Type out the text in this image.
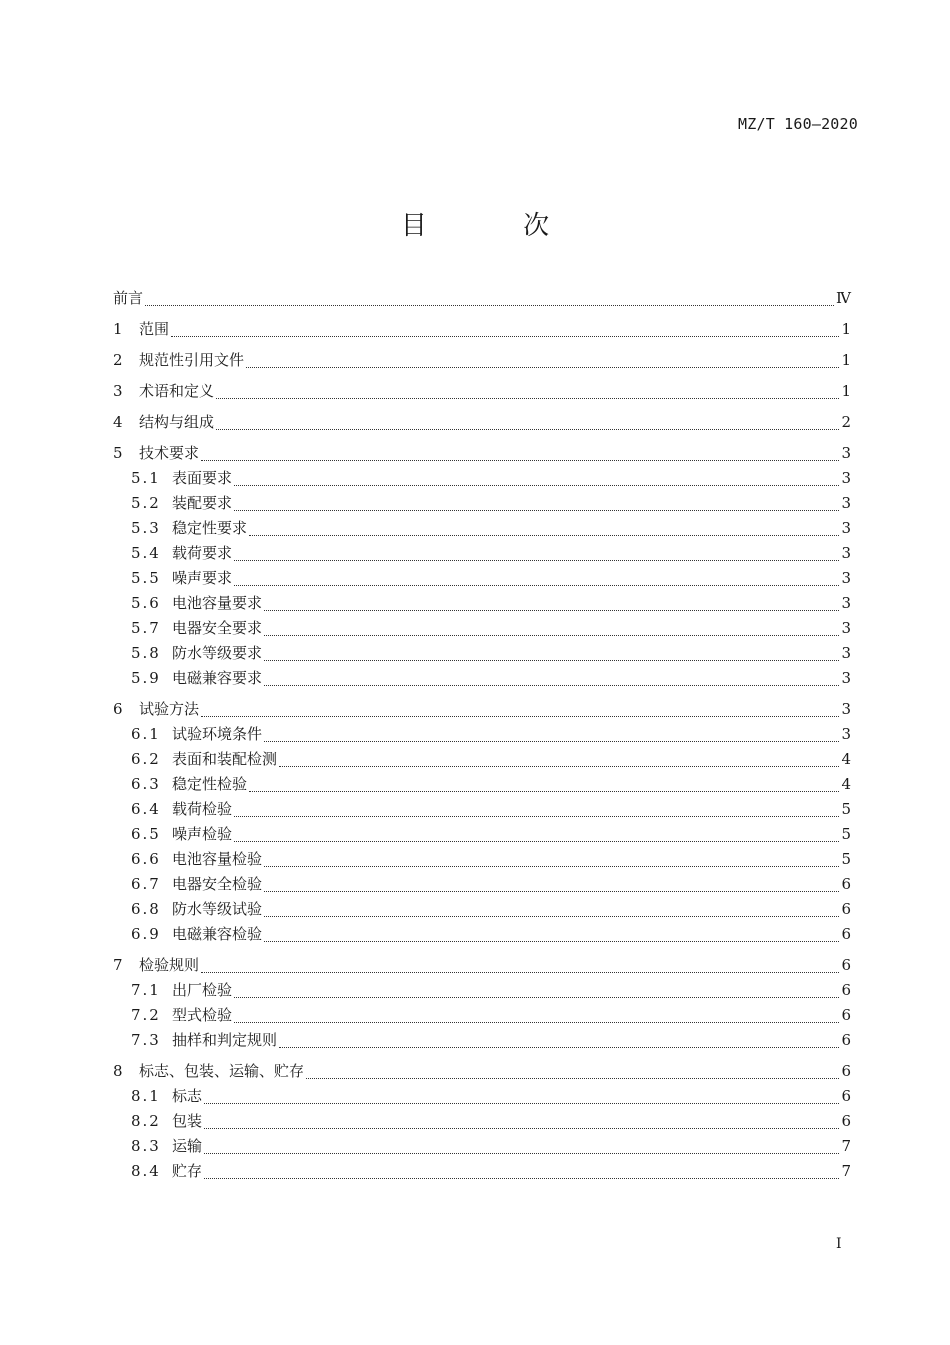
MZ/T 160—2020
目 次
前言	Ⅳ
1	范围	1
2	规范性引用文件	1
3	术语和定义	1
4	结构与组成	2
5	技术要求	3
5.1 表面要求	3
5.2 装配要求	3
5.3 稳定性要求	3
5.4 载荷要求	3
5.5 噪声要求	3
5.6 电池容量要求	3
5.7 电器安全要求	3
5.8 防水等级要求	3
5.9 电磁兼容要求	3
6	试验方法	3
6.1 试验环境条件	3
6.2 表面和装配检测	4
6.3 稳定性检验	4
6.4 载荷检验	5
6.5 噪声检验	5
6.6 电池容量检验	5
6.7 电器安全检验	6
6.8 防水等级试验	6
6.9 电磁兼容检验	6
7	检验规则	6
7.1 出厂检验	6
7.2 型式检验	6
7.3 抽样和判定规则	6
8	标志、包装、运输、贮存	6
8.1 标志	6
8.2 包装	6
8.3 运输	7
8.4 贮存	7
Ⅰ
